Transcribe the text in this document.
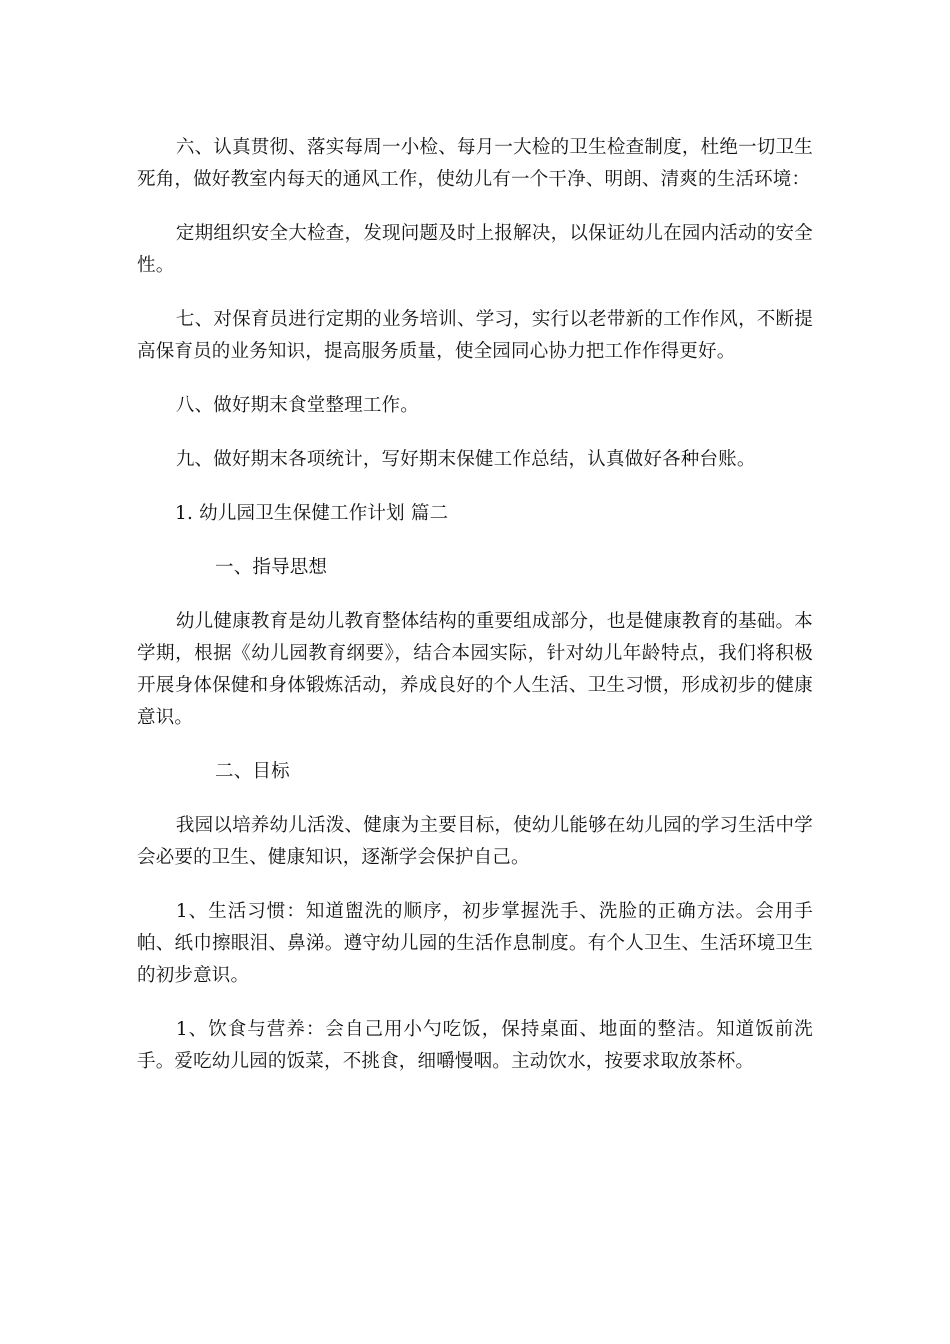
六、认真贯彻、落实每周一小检、每月一大检的卫生检查制度，杜绝一切卫生死角，做好教室内每天的通风工作，使幼儿有一个干净、明朗、清爽的生活环境：

定期组织安全大检查，发现问题及时上报解决，以保证幼儿在园内活动的安全性。

七、对保育员进行定期的业务培训、学习，实行以老带新的工作作风，不断提高保育员的业务知识，提高服务质量，使全园同心协力把工作作得更好。

八、做好期末食堂整理工作。

九、做好期末各项统计，写好期末保健工作总结，认真做好各种台账。

1. 幼儿园卫生保健工作计划 篇二

一、指导思想

幼儿健康教育是幼儿教育整体结构的重要组成部分，也是健康教育的基础。本学期，根据《幼儿园教育纲要》，结合本园实际，针对幼儿年龄特点，我们将积极开展身体保健和身体锻炼活动，养成良好的个人生活、卫生习惯，形成初步的健康意识。

二、目标

我园以培养幼儿活泼、健康为主要目标，使幼儿能够在幼儿园的学习生活中学会必要的卫生、健康知识，逐渐学会保护自己。

1、生活习惯：知道盥洗的顺序，初步掌握洗手、洗脸的正确方法。会用手帕、纸巾擦眼泪、鼻涕。遵守幼儿园的生活作息制度。有个人卫生、生活环境卫生的初步意识。

1、饮食与营养：会自己用小勺吃饭，保持桌面、地面的整洁。知道饭前洗手。爱吃幼儿园的饭菜，不挑食，细嚼慢咽。主动饮水，按要求取放茶杯。
